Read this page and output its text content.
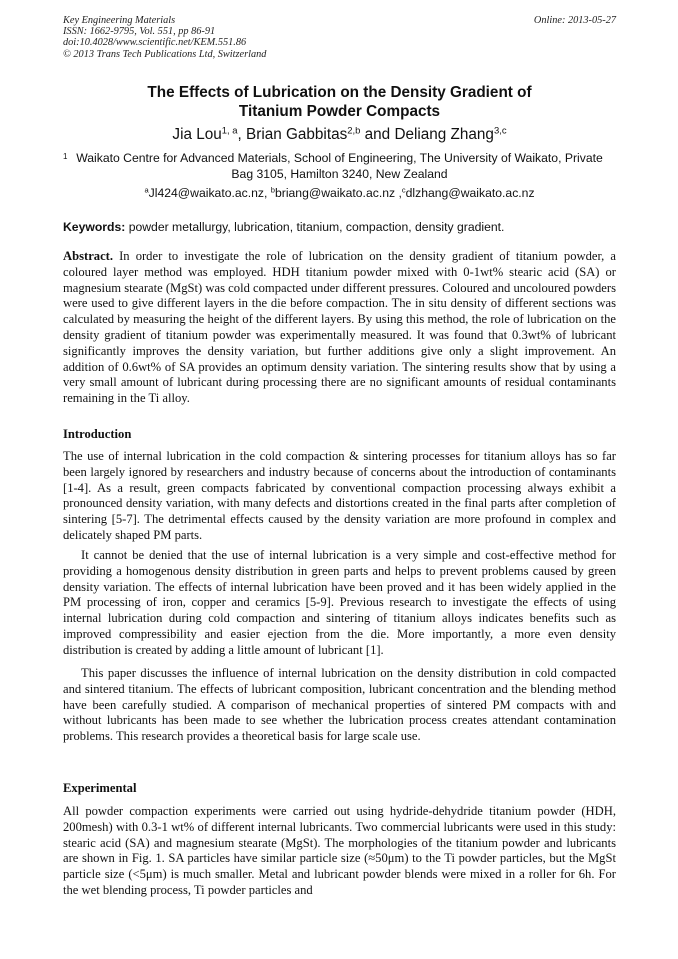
Key Engineering Materials
ISSN: 1662-9795, Vol. 551, pp 86-91
doi:10.4028/www.scientific.net/KEM.551.86
© 2013 Trans Tech Publications Ltd, Switzerland
Online: 2013-05-27
The Effects of Lubrication on the Density Gradient of
Titanium Powder Compacts
Jia Lou$^{1, a}$, Brian Gabbitas$^{2,b}$ and Deliang Zhang$^{3,c}$
1 Waikato Centre for Advanced Materials, School of Engineering, The University of Waikato, Private
Bag 3105, Hamilton 3240, New Zealand
$^a$Jl424@waikato.ac.nz, $^b$briang@waikato.ac.nz ,$^c$dlzhang@waikato.ac.nz
Keywords: powder metallurgy, lubrication, titanium, compaction, density gradient.
Abstract. In order to investigate the role of lubrication on the density gradient of titanium powder, a coloured layer method was employed. HDH titanium powder mixed with 0-1wt% stearic acid (SA) or magnesium stearate (MgSt) was cold compacted under different pressures. Coloured and uncoloured powders were used to give different layers in the die before compaction. The in situ density of different sections was calculated by measuring the height of the different layers. By using this method, the role of lubrication on the density gradient of titanium powder was experimentally measured. It was found that 0.3wt% of lubricant significantly improves the density variation, but further additions give only a slight improvement. An addition of 0.6wt% of SA provides an optimum density variation. The sintering results show that by using a very small amount of lubricant during processing there are no significant amounts of residual contaminants remaining in the Ti alloy.
Introduction
The use of internal lubrication in the cold compaction & sintering processes for titanium alloys has so far been largely ignored by researchers and industry because of concerns about the introduction of contaminants [1-4]. As a result, green compacts fabricated by conventional compaction processing always exhibit a pronounced density variation, with many defects and distortions created in the final parts after completion of sintering [5-7]. The detrimental effects caused by the density variation are more profound in complex and delicately shaped PM parts.
It cannot be denied that the use of internal lubrication is a very simple and cost-effective method for providing a homogenous density distribution in green parts and helps to prevent problems caused by green density variation. The effects of internal lubrication have been proved and it has been widely applied in the PM processing of iron, copper and ceramics [5-9]. Previous research to investigate the effects of using internal lubrication during cold compaction and sintering of titanium alloys indicates benefits such as improved compressibility and easier ejection from the die. More importantly, a more even density distribution is created by adding a little amount of lubricant [1].
This paper discusses the influence of internal lubrication on the density distribution in cold compacted and sintered titanium. The effects of lubricant composition, lubricant concentration and the blending method have been carefully studied. A comparison of mechanical properties of sintered PM compacts with and without lubricants has been made to see whether the lubrication process creates attendant contamination problems. This research provides a theoretical basis for large scale use.
Experimental
All powder compaction experiments were carried out using hydride-dehydride titanium powder (HDH, 200mesh) with 0.3-1 wt% of different internal lubricants. Two commercial lubricants were used in this study: stearic acid (SA) and magnesium stearate (MgSt). The morphologies of the titanium powder and lubricants are shown in Fig. 1. SA particles have similar particle size (≈50μm) to the Ti powder particles, but the MgSt particle size (<5μm) is much smaller. Metal and lubricant powder blends were mixed in a roller for 6h. For the wet blending process, Ti powder particles and
